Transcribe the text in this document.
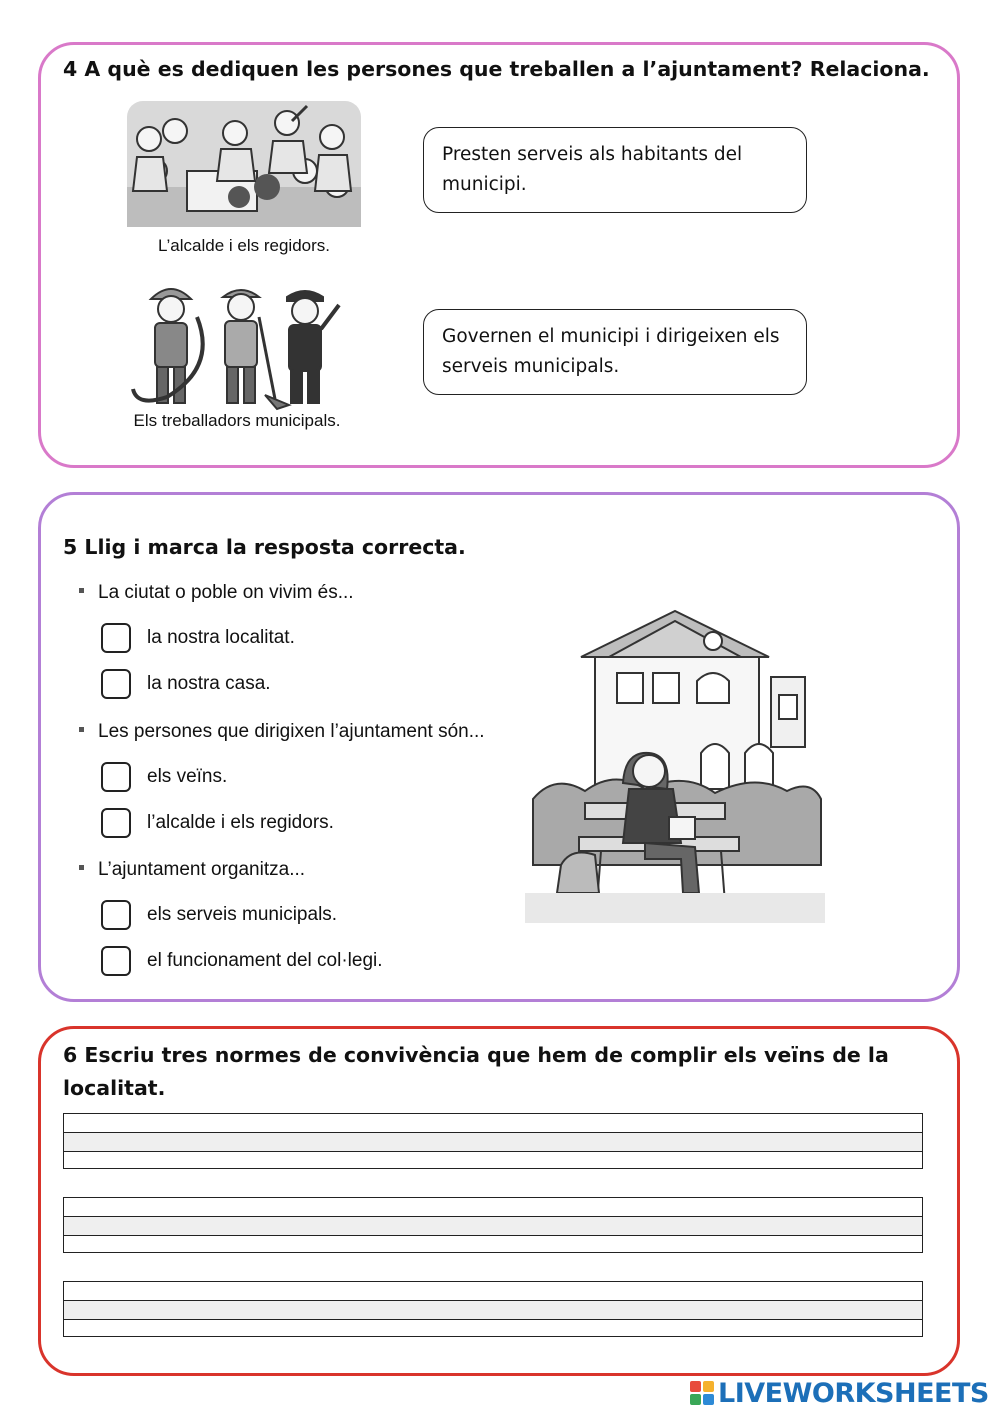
4 A què es dediquen les persones que treballen a l’ajuntament? Relaciona.
L’alcalde i els regidors.
Els treballadors municipals.
Presten serveis als habitants del municipi.
Governen el municipi i dirigeixen els serveis municipals.
5 Llig i marca la resposta correcta.
La ciutat o poble on vivim és...
la nostra localitat.
la nostra casa.
Les persones que dirigixen l’ajuntament són...
els veïns.
l’alcalde i els regidors.
L’ajuntament organitza...
els serveis municipals.
el funcionament del col·legi.
6 Escriu tres normes de convivència que hem de complir els veïns de la
localitat.
LIVEWORKSHEETS
